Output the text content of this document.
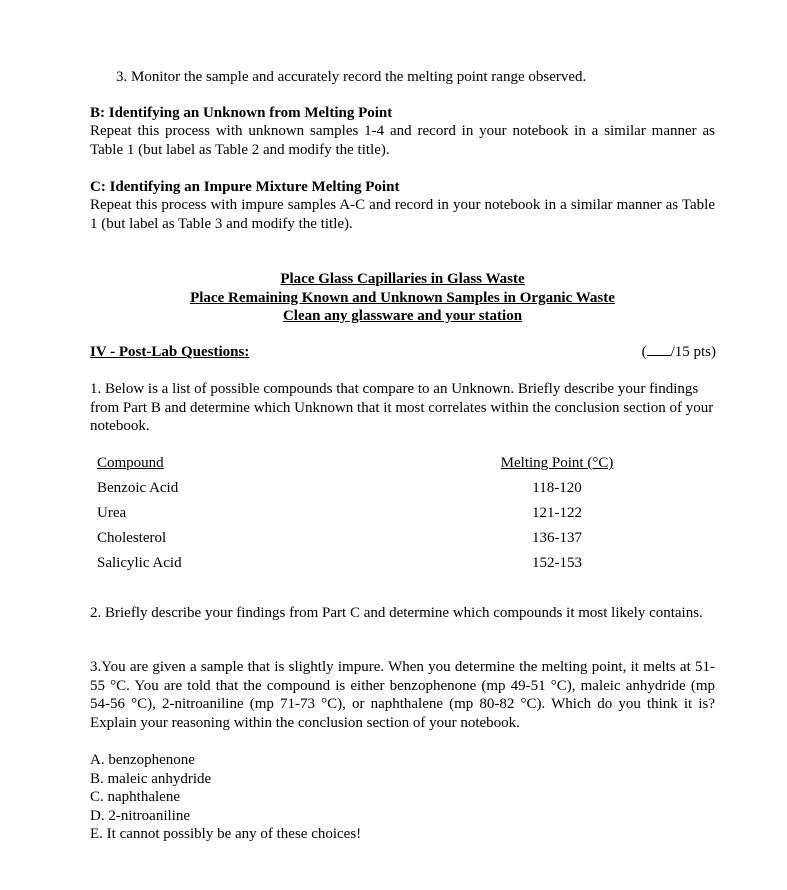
3. Monitor the sample and accurately record the melting point range observed.
B: Identifying an Unknown from Melting Point
Repeat this process with unknown samples 1-4 and record in your notebook in a similar manner as Table 1 (but label as Table 2 and modify the title).
C: Identifying an Impure Mixture Melting Point
Repeat this process with impure samples A-C and record in your notebook in a similar manner as Table 1 (but label as Table 3 and modify the title).
Place Glass Capillaries in Glass Waste
Place Remaining Known and Unknown Samples in Organic Waste
Clean any glassware and your station
IV - Post-Lab Questions:	( /15 pts)
1. Below is a list of possible compounds that compare to an Unknown. Briefly describe your findings from Part B and determine which Unknown that it most correlates within the conclusion section of your notebook.
Compound	Melting Point (°C)
Benzoic Acid	118-120
Urea	121-122
Cholesterol	136-137
Salicylic Acid	152-153
2. Briefly describe your findings from Part C and determine which compounds it most likely contains.
3.You are given a sample that is slightly impure. When you determine the melting point, it melts at 51-55 °C. You are told that the compound is either benzophenone (mp 49-51 °C), maleic anhydride (mp 54-56 °C), 2-nitroaniline (mp 71-73 °C), or naphthalene (mp 80-82 °C). Which do you think it is? Explain your reasoning within the conclusion section of your notebook.
A. benzophenone
B. maleic anhydride
C. naphthalene
D. 2-nitroaniline
E. It cannot possibly be any of these choices!
